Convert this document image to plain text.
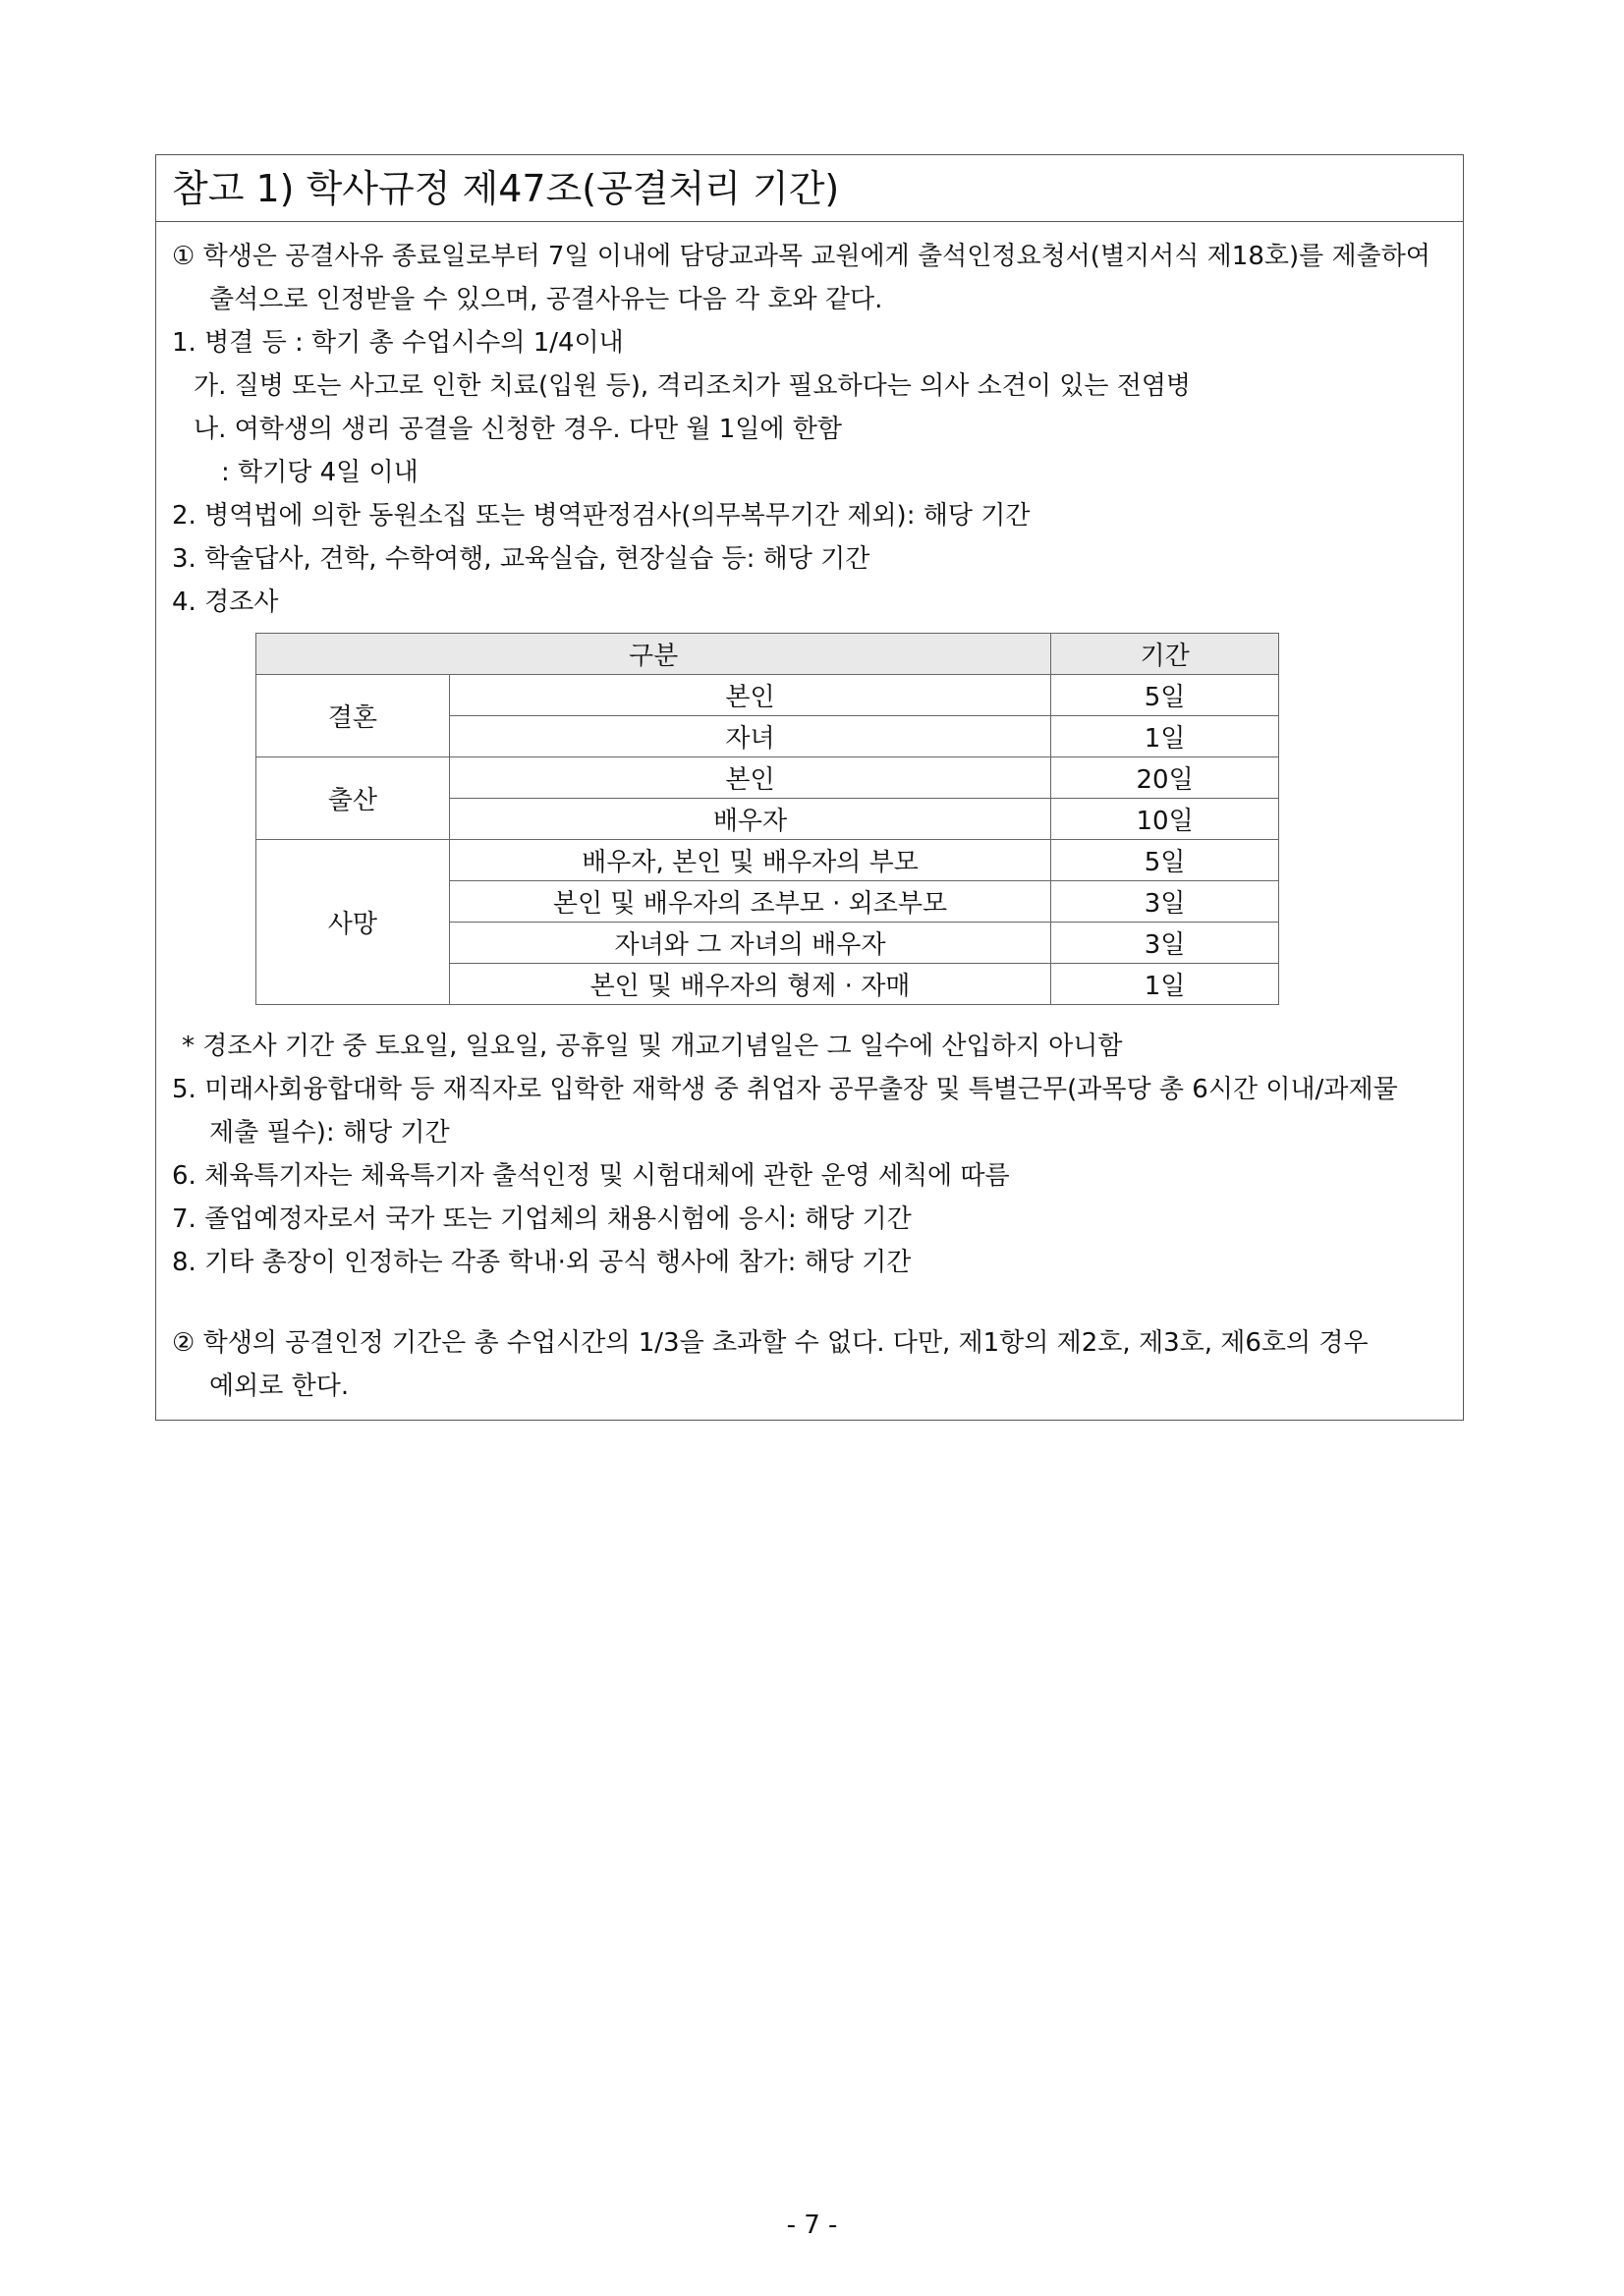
참고 1) 학사규정 제47조(공결처리 기간)
① 학생은 공결사유 종료일로부터 7일 이내에 담당교과목 교원에게 출석인정요청서(별지서식 제18호)를 제출하여
출석으로 인정받을 수 있으며, 공결사유는 다음 각 호와 같다.
1. 병결 등 : 학기 총 수업시수의 1/4이내
가. 질병 또는 사고로 인한 치료(입원 등), 격리조치가 필요하다는 의사 소견이 있는 전염병
나. 여학생의 생리 공결을 신청한 경우. 다만 월 1일에 한함
: 학기당 4일 이내
2. 병역법에 의한 동원소집 또는 병역판정검사(의무복무기간 제외): 해당 기간
3. 학술답사, 견학, 수학여행, 교육실습, 현장실습 등: 해당 기간
4. 경조사
구분		기간
결혼	본인	5일
	자녀	1일
출산	본인	20일
	배우자	10일
사망	배우자, 본인 및 배우자의 부모	5일
	본인 및 배우자의 조부모 · 외조부모	3일
	자녀와 그 자녀의 배우자	3일
	본인 및 배우자의 형제 · 자매	1일
* 경조사 기간 중 토요일, 일요일, 공휴일 및 개교기념일은 그 일수에 산입하지 아니함
5. 미래사회융합대학 등 재직자로 입학한 재학생 중 취업자 공무출장 및 특별근무(과목당 총 6시간 이내/과제물
제출 필수): 해당 기간
6. 체육특기자는 체육특기자 출석인정 및 시험대체에 관한 운영 세칙에 따름
7. 졸업예정자로서 국가 또는 기업체의 채용시험에 응시: 해당 기간
8. 기타 총장이 인정하는 각종 학내·외 공식 행사에 참가: 해당 기간
② 학생의 공결인정 기간은 총 수업시간의 1/3을 초과할 수 없다. 다만, 제1항의 제2호, 제3호, 제6호의 경우
예외로 한다.
- 7 -
